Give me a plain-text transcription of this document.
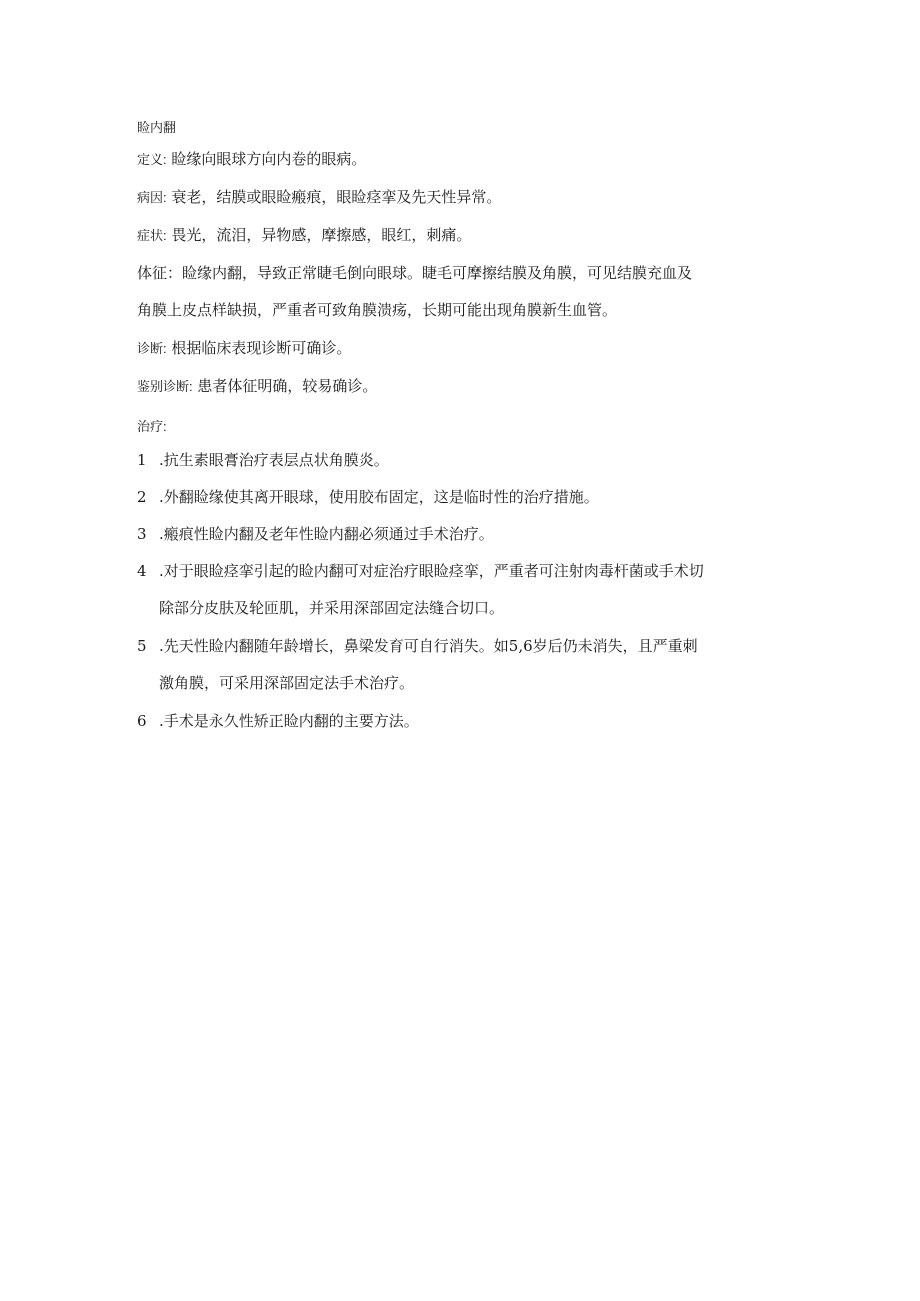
睑内翻
定义: 睑缘向眼球方向内卷的眼病。
病因: 衰老，结膜或眼睑瘢痕，眼睑痉挛及先天性异常。
症状: 畏光，流泪，异物感，摩擦感，眼红，刺痛。
体征：睑缘内翻，导致正常睫毛倒向眼球。睫毛可摩擦结膜及角膜，可见结膜充血及
角膜上皮点样缺损，严重者可致角膜溃疡，长期可能出现角膜新生血管。
诊断: 根据临床表现诊断可确诊。
鉴别诊断: 患者体征明确，较易确诊。
治疗:
1 .抗生素眼膏治疗表层点状角膜炎。
2 .外翻睑缘使其离开眼球，使用胶布固定，这是临时性的治疗措施。
3 .瘢痕性睑内翻及老年性睑内翻必须通过手术治疗。
4 .对于眼睑痉挛引起的睑内翻可对症治疗眼睑痉挛，严重者可注射肉毒杆菌或手术切
除部分皮肤及轮匝肌，并采用深部固定法缝合切口。
5 .先天性睑内翻随年龄增长，鼻梁发育可自行消失。如5,6岁后仍未消失，且严重刺
激角膜，可采用深部固定法手术治疗。
6 .手术是永久性矫正睑内翻的主要方法。
